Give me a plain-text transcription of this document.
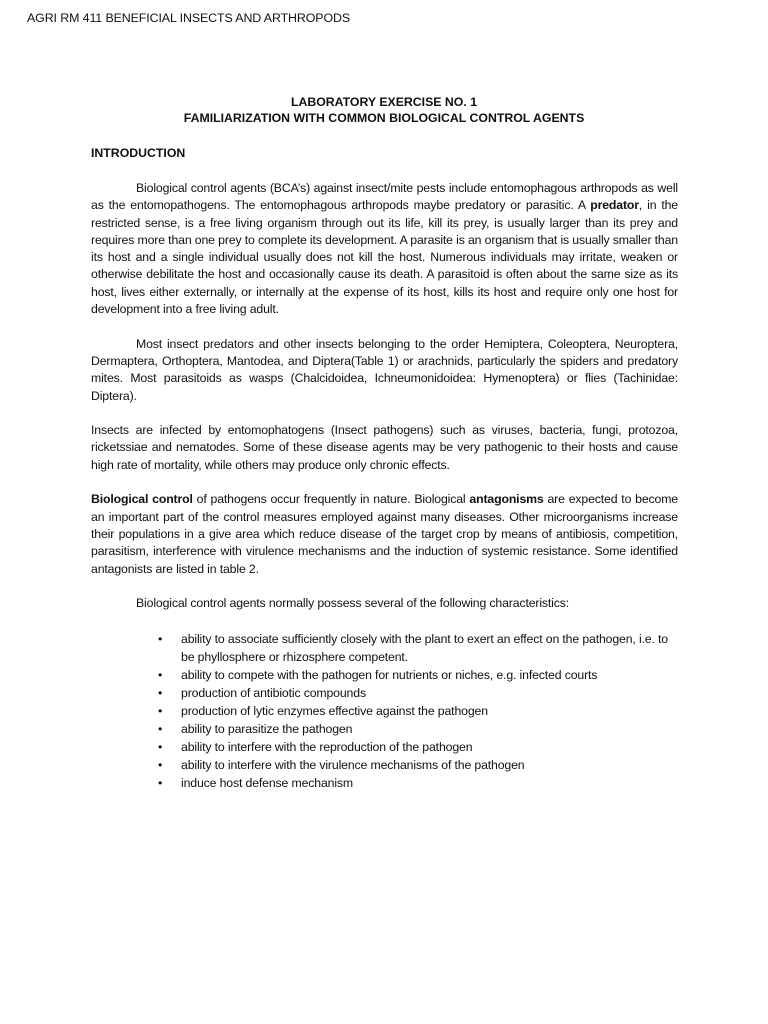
AGRI RM 411 BENEFICIAL INSECTS AND ARTHROPODS
LABORATORY EXERCISE NO. 1
FAMILIARIZATION WITH COMMON BIOLOGICAL CONTROL AGENTS
INTRODUCTION

Biological control agents (BCA’s) against insect/mite pests include entomophagous arthropods as well as the entomopathogens. The entomophagous arthropods maybe predatory or parasitic. A predator, in the restricted sense, is a free living organism through out its life, kill its prey, is usually larger than its prey and requires more than one prey to complete its development. A parasite is an organism that is usually smaller than its host and a single individual usually does not kill the host. Numerous individuals may irritate, weaken or otherwise debilitate the host and occasionally cause its death. A parasitoid is often about the same size as its host, lives either externally, or internally at the expense of its host, kills its host and require only one host for development into a free living adult.

Most insect predators and other insects belonging to the order Hemiptera, Coleoptera, Neuroptera, Dermaptera, Orthoptera, Mantodea, and Diptera(Table 1) or arachnids, particularly the spiders and predatory mites. Most parasitoids as wasps (Chalcidoidea, Ichneumonidoidea: Hymenoptera) or flies (Tachinidae: Diptera).

Insects are infected by entomophatogens (Insect pathogens) such as viruses, bacteria, fungi, protozoa, ricketssiae and nematodes. Some of these disease agents may be very pathogenic to their hosts and cause high rate of mortality, while others may produce only chronic effects.

Biological control of pathogens occur frequently in nature. Biological antagonisms are expected to become an important part of the control measures employed against many diseases. Other microorganisms increase their populations in a give area which reduce disease of the target crop by means of antibiosis, competition, parasitism, interference with virulence mechanisms and the induction of systemic resistance. Some identified antagonists are listed in table 2.

Biological control agents normally possess several of the following characteristics:

• ability to associate sufficiently closely with the plant to exert an effect on the pathogen, i.e. to be phyllosphere or rhizosphere competent.
• ability to compete with the pathogen for nutrients or niches, e.g. infected courts
• production of antibiotic compounds
• production of lytic enzymes effective against the pathogen
• ability to parasitize the pathogen
• ability to interfere with the reproduction of the pathogen
• ability to interfere with the virulence mechanisms of the pathogen
• induce host defense mechanism
